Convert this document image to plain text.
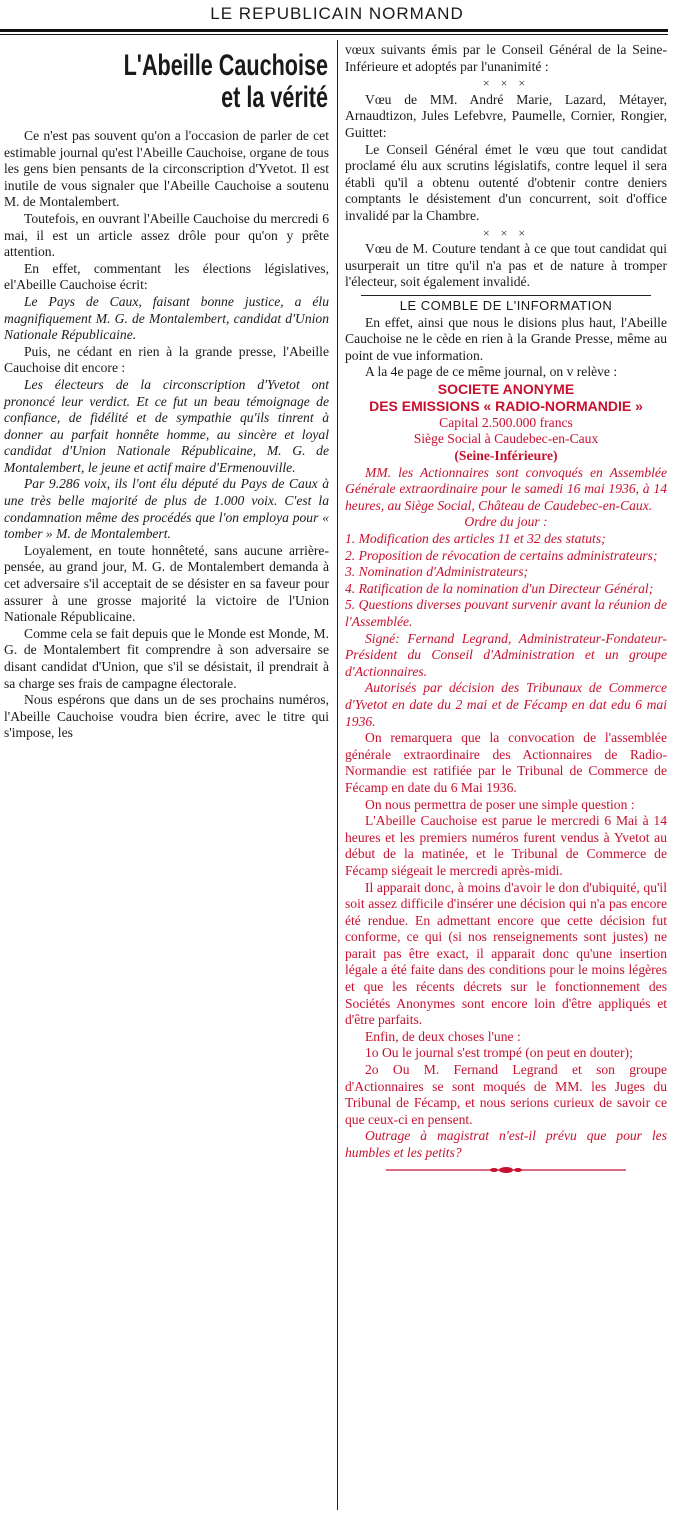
LE REPUBLICAIN NORMAND
L'Abeille Cauchoise
et la vérité

Ce n'est pas souvent qu'on a l'occasion de parler de cet estimable journal qu'est l'Abeille Cauchoise, organe de tous les gens bien pensants de la circonscription d'Yvetot. Il est inutile de vous signaler que l'Abeille Cauchoise a soutenu M. de Montalembert.

Toutefois, en ouvrant l'Abeille Cauchoise du mercredi 6 mai, il est un article assez drôle pour qu'on y prête attention.

En effet, commentant les élections législatives, el'Abeille Cauchoise écrit:

Le Pays de Caux, faisant bonne justice, a élu magnifiquement M. G. de Montalembert, candidat d'Union Nationale Républicaine.

Puis, ne cédant en rien à la grande presse, l'Abeille Cauchoise dit encore :

Les électeurs de la circonscription d'Yvetot ont prononcé leur verdict. Et ce fut un beau témoignage de confiance, de fidélité et de sympathie qu'ils tinrent à donner au parfait honnête homme, au sincère et loyal candidat d'Union Nationale Républicaine, M. G. de Montalembert, le jeune et actif maire d'Ermenouville.

Par 9.286 voix, ils l'ont élu député du Pays de Caux à une très belle majorité de plus de 1.000 voix. C'est la condamnation même des procédés que l'on employa pour « tomber » M. de Montalembert.

Loyalement, en toute honnêteté, sans aucune arrière-pensée, au grand jour, M. G. de Montalembert demanda à cet adversaire s'il acceptait de se désister en sa faveur pour assurer à une grosse majorité la victoire de l'Union Nationale Républicaine.

Comme cela se fait depuis que le Monde est Monde, M. G. de Montalembert fit comprendre à son adversaire se disant candidat d'Union, que s'il se désistait, il prendrait à sa charge ses frais de campagne électorale.

Nous espérons que dans un de ses prochains numéros, l'Abeille Cauchoise voudra bien écrire, avec le titre qui s'impose, les

vœux suivants émis par le Conseil Général de la Seine-Inférieure et adoptés par l'unanimité :

× × ×

Vœu de MM. André Marie, Lazard, Métayer, Arnaudtizon, Jules Lefebvre, Paumelle, Cornier, Rongier, Guittet:

Le Conseil Général émet le vœu que tout candidat proclamé élu aux scrutins législatifs, contre lequel il sera établi qu'il a obtenu outenté d'obtenir contre deniers comptants le désistement d'un concurrent, soit d'office invalidé par la Chambre.

× × ×

Vœu de M. Couture tendant à ce que tout candidat qui usurperait un titre qu'il n'a pas et de nature à tromper l'électeur, soit également invalidé.

LE COMBLE DE L'INFORMATION

En effet, ainsi que nous le disions plus haut, l'Abeille Cauchoise ne le cède en rien à la Grande Presse, même au point de vue information.

A la 4e page de ce même journal, on v relève :

SOCIETE ANONYME
DES EMISSIONS « RADIO-NORMANDIE »
Capital 2.500.000 francs
Siège Social à Caudebec-en-Caux
(Seine-Inférieure)

MM. les Actionnaires sont convoqués en Assemblée Générale extraordinaire pour le samedi 16 mai 1936, à 14 heures, au Siège Social, Château de Caudebec-en-Caux.

Ordre du jour :
1. Modification des articles 11 et 32 des statuts;
2. Proposition de révocation de certains administrateurs;
3. Nomination d'Administrateurs;
4. Ratification de la nomination d'un Directeur Général;
5. Questions diverses pouvant survenir avant la réunion de l'Assemblée.

Signé: Fernand Legrand, Administrateur-Fondateur-Président du Conseil d'Administration et un groupe d'Actionnaires.

Autorisés par décision des Tribunaux de Commerce d'Yvetot en date du 2 mai et de Fécamp en dat edu 6 mai 1936.

On remarquera que la convocation de l'assemblée générale extraordinaire des Actionnaires de Radio-Normandie est ratifiée par le Tribunal de Commerce de Fécamp en date du 6 Mai 1936.

On nous permettra de poser une simple question :

L'Abeille Cauchoise est parue le mercredi 6 Mai à 14 heures et les premiers numéros furent vendus à Yvetot au début de la matinée, et le Tribunal de Commerce de Fécamp siégeait le mercredi après-midi.

Il apparait donc, à moins d'avoir le don d'ubiquité, qu'il soit assez difficile d'insérer une décision qui n'a pas encore été rendue. En admettant encore que cette décision fut conforme, ce qui (si nos renseignements sont justes) ne parait pas être exact, il apparait donc qu'une insertion légale a été faite dans des conditions pour le moins légères et que les récents décrets sur le fonctionnement des Sociétés Anonymes sont encore loin d'être appliqués et d'être parfaits.

Enfin, de deux choses l'une :

1o Ou le journal s'est trompé (on peut en douter);

2o Ou M. Fernand Legrand et son groupe d'Actionnaires se sont moqués de MM. les Juges du Tribunal de Fécamp, et nous serions curieux de savoir ce que ceux-ci en pensent.

Outrage à magistrat n'est-il prévu que pour les humbles et les petits?
